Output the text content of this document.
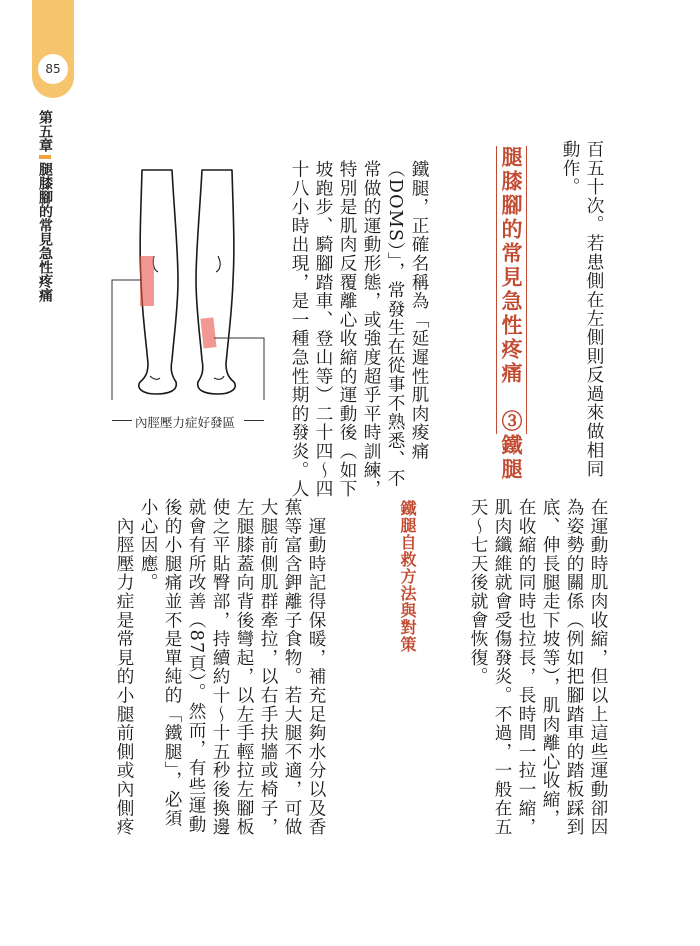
85
第五章腿膝腳的常見急性疼痛	百五十次。若患側在左側則反過來做相同
動作。
腿膝腳的常見急性疼痛　③鐵腿
鐵腿，正確名稱為「延遲性肌肉痠痛
（DOMS）」，常發生在從事不熟悉、不
常做的運動形態，或強度超乎平時訓練，
特別是肌肉反覆離心收縮的運動後（如下
坡跑步、騎腳踏車、登山等）二十四～四
十八小時出現，是一種急性期的發炎。人
內脛壓力症好發區
在運動時肌肉收縮，但以上這些運動卻因
為姿勢的關係（例如把腳踏車的踏板踩到
底、伸長腿走下坡等），肌肉離心收縮，
在收縮的同時也拉長，長時間一拉一縮，
肌肉纖維就會受傷發炎。不過，一般在五
天～七天後就會恢復。
鐵腿自救方法與對策
　運動時記得保暖，補充足夠水分以及香
蕉等富含鉀離子食物。若大腿不適，可做
大腿前側肌群牽拉，以右手扶牆或椅子，
左腿膝蓋向背後彎起，以左手輕拉左腳板
使之平貼臀部，持續約十～十五秒後換邊
就會有所改善（87頁）。然而，有些運動
後的小腿痛並不是單純的「鐵腿」，必須
小心因應。
　內脛壓力症是常見的小腿前側或內側疼
